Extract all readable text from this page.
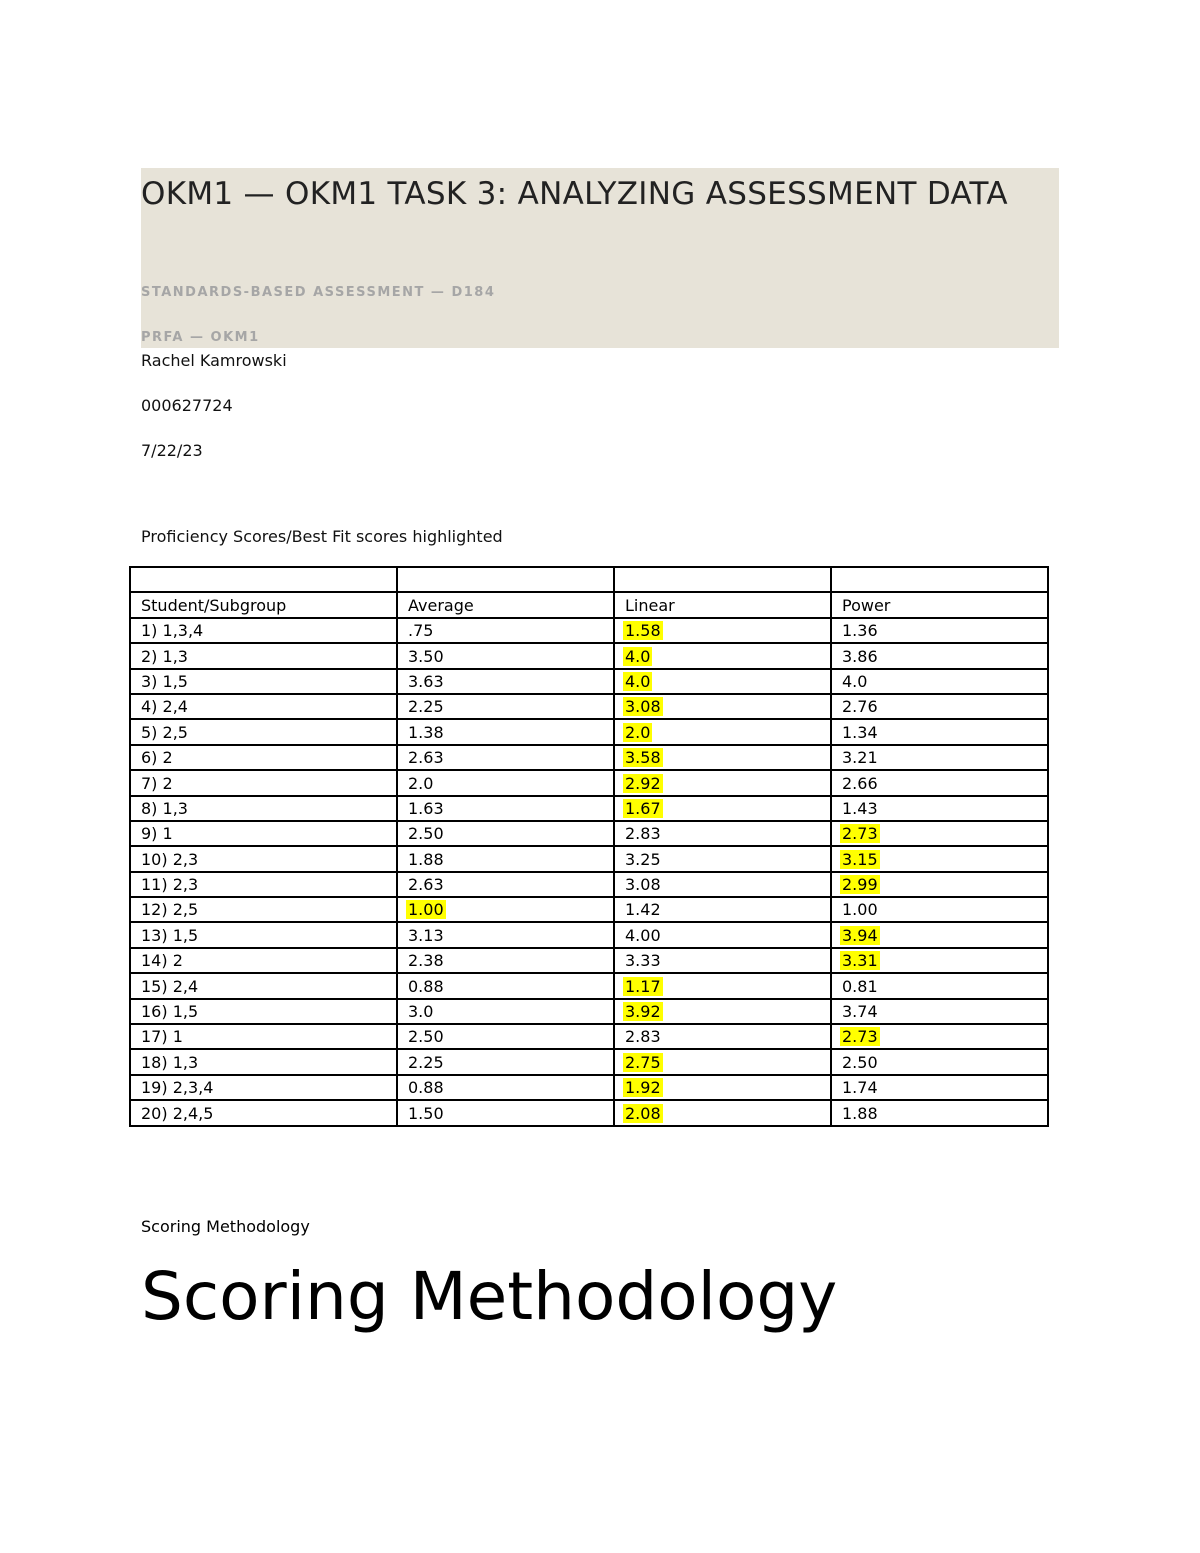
OKM1 — OKM1 TASK 3: ANALYZING ASSESSMENT DATA
STANDARDS-BASED ASSESSMENT — D184
PRFA — OKM1
Rachel Kamrowski
000627724
7/22/23
Proficiency Scores/Best Fit scores highlighted

Student/Subgroup	Average	Linear	Power
1) 1,3,4	.75	1.58	1.36
2) 1,3	3.50	4.0	3.86
3) 1,5	3.63	4.0	4.0
4) 2,4	2.25	3.08	2.76
5) 2,5	1.38	2.0	1.34
6) 2	2.63	3.58	3.21
7) 2	2.0	2.92	2.66
8) 1,3	1.63	1.67	1.43
9) 1	2.50	2.83	2.73
10) 2,3	1.88	3.25	3.15
11) 2,3	2.63	3.08	2.99
12) 2,5	1.00	1.42	1.00
13) 1,5	3.13	4.00	3.94
14) 2	2.38	3.33	3.31
15) 2,4	0.88	1.17	0.81
16) 1,5	3.0	3.92	3.74
17) 1	2.50	2.83	2.73
18) 1,3	2.25	2.75	2.50
19) 2,3,4	0.88	1.92	1.74
20) 2,4,5	1.50	2.08	1.88
Scoring Methodology
Scoring Methodology
